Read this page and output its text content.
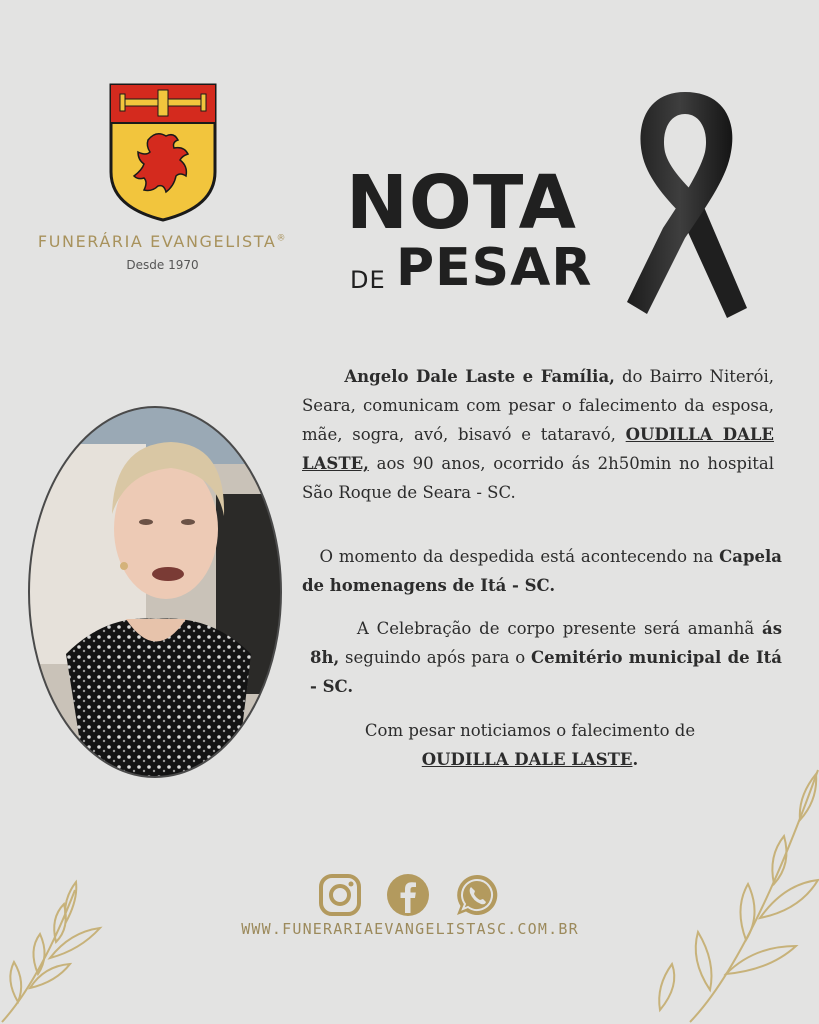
FUNERÁRIA EVANGELISTA®
Desde 1970
NOTA
DE PESAR
Angelo Dale Laste e Família, do Bairro Niterói, Seara, comunicam com pesar o falecimento da esposa, mãe, sogra, avó, bisavó e tataravó, OUDILLA DALE LASTE, aos 90 anos, ocorrido ás 2h50min no hospital São Roque de Seara - SC.
O momento da despedida está acontecendo na Capela de homenagens de Itá - SC.
A Celebração de corpo presente será amanhã ás 8h, seguindo após para o Cemitério municipal de Itá - SC.
Com pesar noticiamos o falecimento de
OUDILLA DALE LASTE.
WWW.FUNERARIAEVANGELISTASC.COM.BR
